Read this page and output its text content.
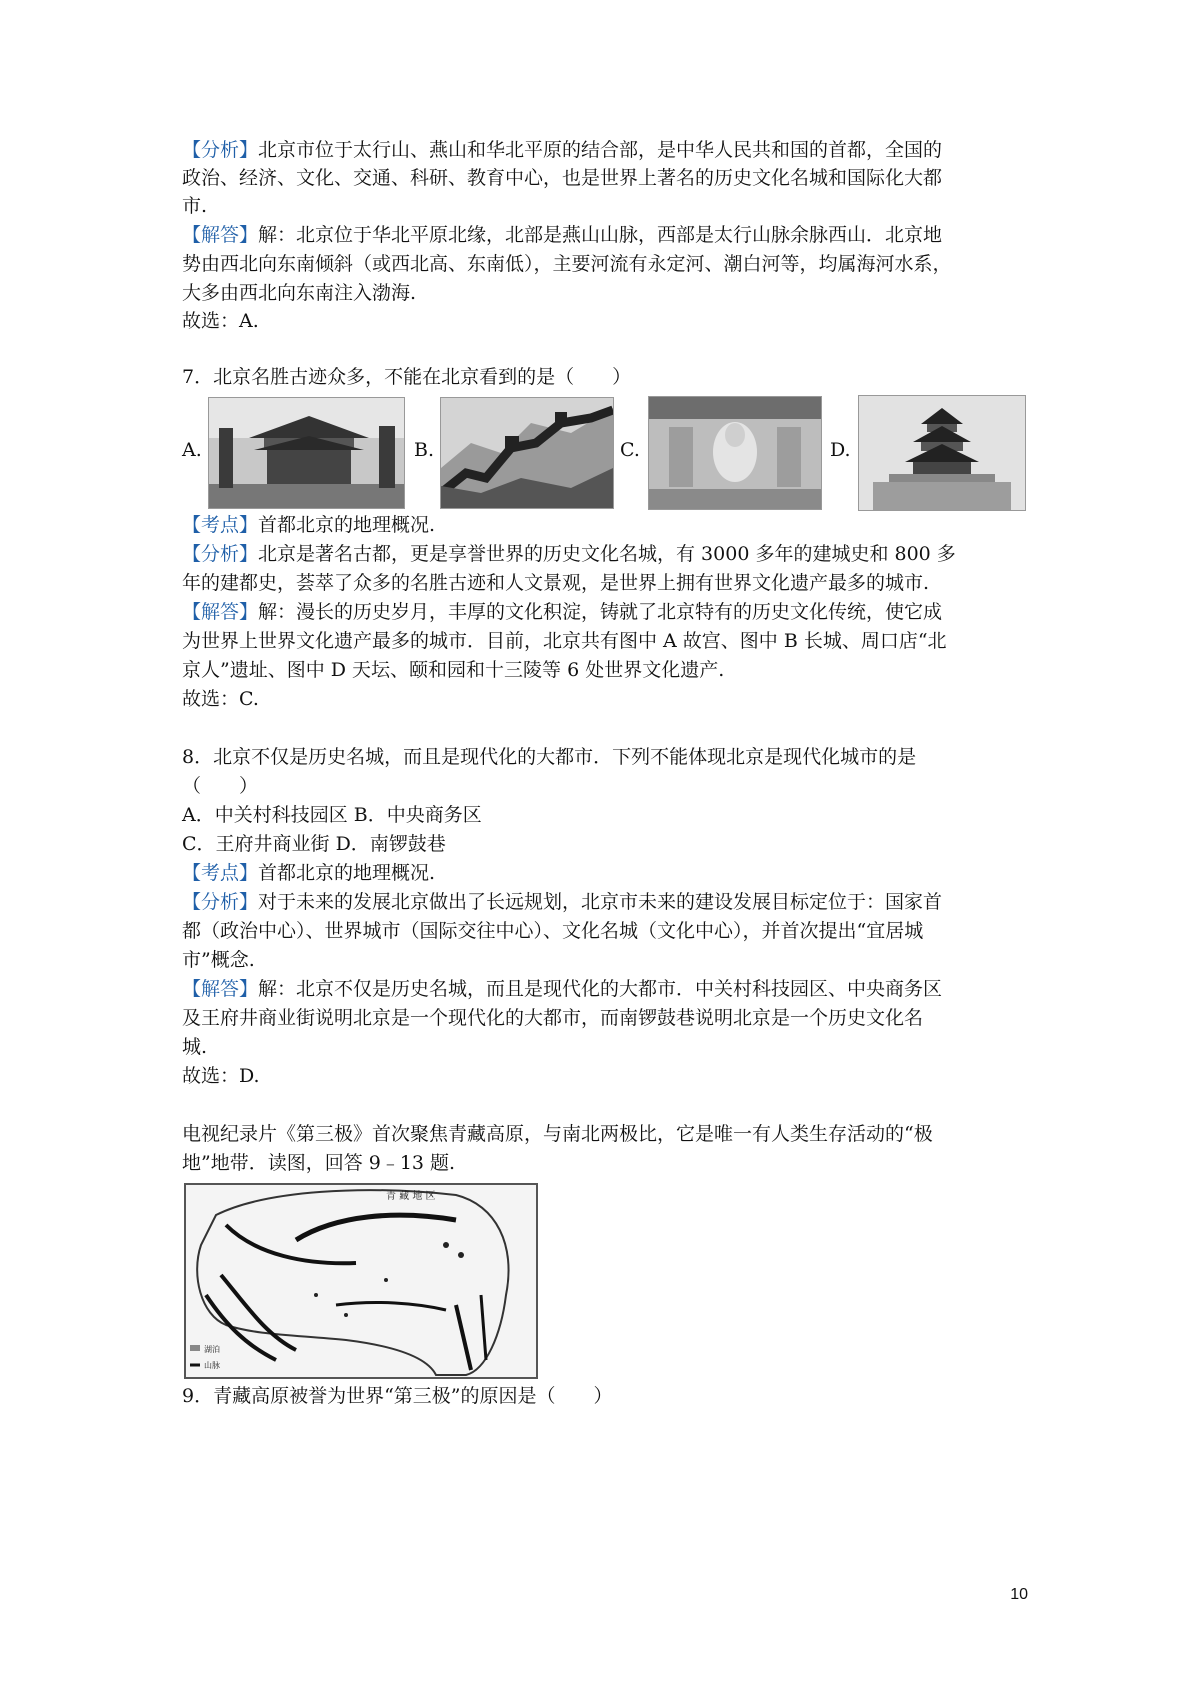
【分析】北京市位于太行山、燕山和华北平原的结合部，是中华人民共和国的首都，全国的
政治、经济、文化、交通、科研、教育中心，也是世界上著名的历史文化名城和国际化大都
市.
【解答】解：北京位于华北平原北缘，北部是燕山山脉，西部是太行山脉余脉西山．北京地
势由西北向东南倾斜（或西北高、东南低），主要河流有永定河、潮白河等，均属海河水系，
大多由西北向东南注入渤海.
故选：A.
7．北京名胜古迹众多，不能在北京看到的是（　　）
A.	B.	C.	D.
【考点】首都北京的地理概况.
【分析】北京是著名古都，更是享誉世界的历史文化名城，有 3000 多年的建城史和 800 多
年的建都史，荟萃了众多的名胜古迹和人文景观，是世界上拥有世界文化遗产最多的城市.
【解答】解：漫长的历史岁月，丰厚的文化积淀，铸就了北京特有的历史文化传统，使它成
为世界上世界文化遗产最多的城市．目前，北京共有图中 A 故宫、图中 B 长城、周口店“北
京人”遗址、图中 D 天坛、颐和园和十三陵等 6 处世界文化遗产.
故选：C.
8．北京不仅是历史名城，而且是现代化的大都市．下列不能体现北京是现代化城市的是
（　　）
A．中关村科技园区 B．中央商务区
C．王府井商业街 D．南锣鼓巷
【考点】首都北京的地理概况.
【分析】对于未来的发展北京做出了长远规划，北京市未来的建设发展目标定位于：国家首
都（政治中心）、世界城市（国际交往中心）、文化名城（文化中心），并首次提出“宜居城
市”概念.
【解答】解：北京不仅是历史名城，而且是现代化的大都市．中关村科技园区、中央商务区
及王府井商业街说明北京是一个现代化的大都市，而南锣鼓巷说明北京是一个历史文化名
城.
故选：D.
电视纪录片《第三极》首次聚焦青藏高原，与南北两极比，它是唯一有人类生存活动的“极
地”地带．读图，回答 9﹣13 题.
青 藏 地 区
湖泊
山脉
9．青藏高原被誉为世界“第三极”的原因是（　　）
10
